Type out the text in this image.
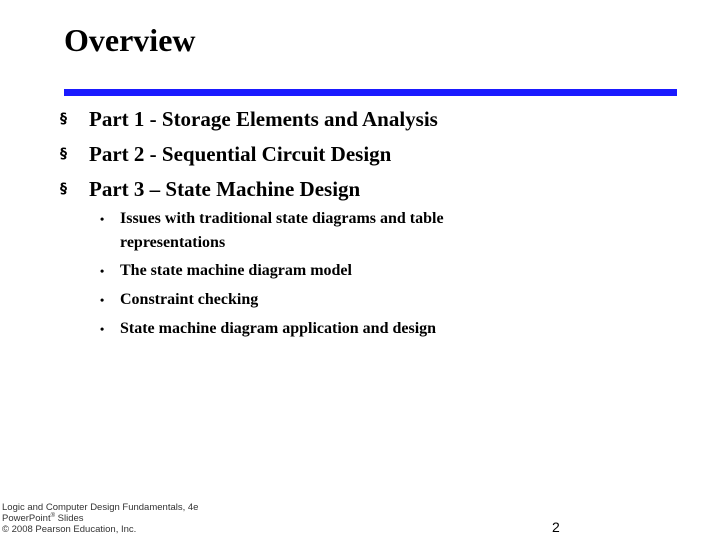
Overview
§ Part 1 - Storage Elements and Analysis
§ Part 2 - Sequential Circuit Design
§ Part 3 – State Machine Design
• Issues with traditional state diagrams and table representations
• The state machine diagram model
• Constraint checking
• State machine diagram application and design
Logic and Computer Design Fundamentals, 4e
PowerPoint® Slides
© 2008 Pearson Education, Inc.	2
